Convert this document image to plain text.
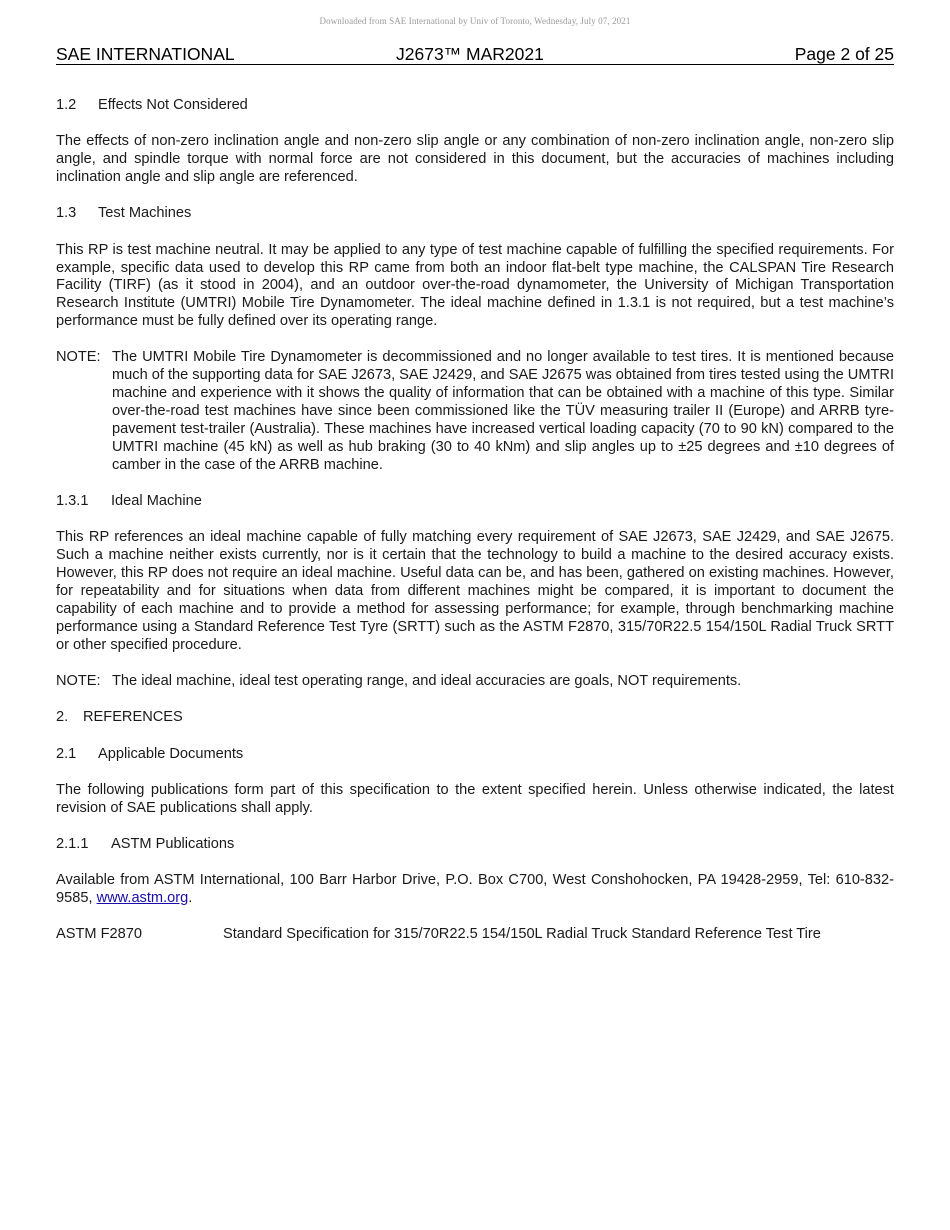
Downloaded from SAE International by Univ of Toronto, Wednesday, July 07, 2021
SAE INTERNATIONAL	J2673™ MAR2021	Page 2 of 25
1.2 Effects Not Considered

The effects of non-zero inclination angle and non-zero slip angle or any combination of non-zero inclination angle, non-zero slip angle, and spindle torque with normal force are not considered in this document, but the accuracies of machines including inclination angle and slip angle are referenced.

1.3 Test Machines

This RP is test machine neutral. It may be applied to any type of test machine capable of fulfilling the specified requirements. For example, specific data used to develop this RP came from both an indoor flat-belt type machine, the CALSPAN Tire Research Facility (TIRF) (as it stood in 2004), and an outdoor over-the-road dynamometer, the University of Michigan Transportation Research Institute (UMTRI) Mobile Tire Dynamometer. The ideal machine defined in 1.3.1 is not required, but a test machine’s performance must be fully defined over its operating range.

NOTE: The UMTRI Mobile Tire Dynamometer is decommissioned and no longer available to test tires. It is mentioned because much of the supporting data for SAE J2673, SAE J2429, and SAE J2675 was obtained from tires tested using the UMTRI machine and experience with it shows the quality of information that can be obtained with a machine of this type. Similar over-the-road test machines have since been commissioned like the TÜV measuring trailer II (Europe) and ARRB tyre-pavement test-trailer (Australia). These machines have increased vertical loading capacity (70 to 90 kN) compared to the UMTRI machine (45 kN) as well as hub braking (30 to 40 kNm) and slip angles up to ±25 degrees and ±10 degrees of camber in the case of the ARRB machine.
1.3.1 Ideal Machine

This RP references an ideal machine capable of fully matching every requirement of SAE J2673, SAE J2429, and SAE J2675. Such a machine neither exists currently, nor is it certain that the technology to build a machine to the desired accuracy exists. However, this RP does not require an ideal machine. Useful data can be, and has been, gathered on existing machines. However, for repeatability and for situations when data from different machines might be compared, it is important to document the capability of each machine and to provide a method for assessing performance; for example, through benchmarking machine performance using a Standard Reference Test Tyre (SRTT) such as the ASTM F2870, 315/70R22.5 154/150L Radial Truck SRTT or other specified procedure.

NOTE: The ideal machine, ideal test operating range, and ideal accuracies are goals, NOT requirements.
2. REFERENCES
2.1 Applicable Documents

The following publications form part of this specification to the extent specified herein. Unless otherwise indicated, the latest revision of SAE publications shall apply.

2.1.1 ASTM Publications

Available from ASTM International, 100 Barr Harbor Drive, P.O. Box C700, West Conshohocken, PA 19428-2959, Tel: 610-832-9585, www.astm.org.

ASTM F2870	Standard Specification for 315/70R22.5 154/150L Radial Truck Standard Reference Test Tire
